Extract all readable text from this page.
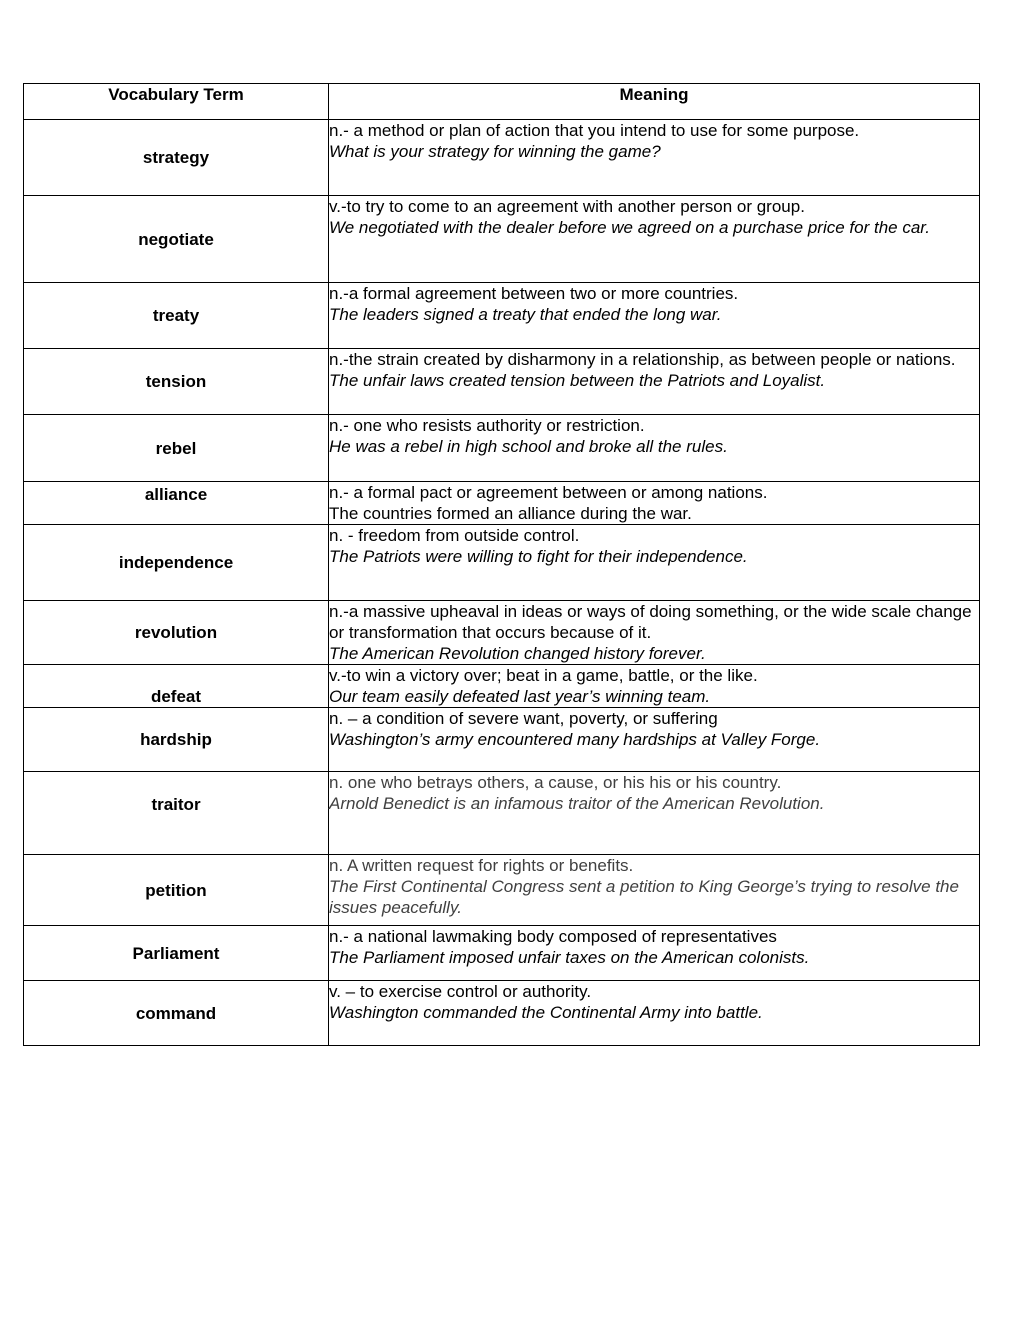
Vocabulary Term	Meaning
strategy	n.- a method or plan of action that you intend to use for some purpose.
What is your strategy for winning the game?

negotiate	v.-to try to come to an agreement with another person or group.
We negotiated with the dealer before we agreed on a purchase price for the car.

treaty	n.-a formal agreement between two or more countries.
The leaders signed a treaty that ended the long war.

tension	n.-the strain created by disharmony in a relationship, as between people or nations.
The unfair laws created tension between the Patriots and Loyalist.

rebel	n.- one who resists authority or restriction.
He was a rebel in high school and broke all the rules.

alliance	n.- a formal pact or agreement between or among nations.
The countries formed an alliance during the war.

independence	n. - freedom from outside control.
The Patriots were willing to fight for their independence.

revolution	n.-a massive upheaval in ideas or ways of doing something, or the wide scale change or transformation that occurs because of it.
The American Revolution changed history forever.

defeat	v.-to win a victory over; beat in a game, battle, or the like.
Our team easily defeated last year’s winning team.

hardship	n. – a condition of severe want, poverty, or suffering
Washington’s army encountered many hardships at Valley Forge.

traitor	n. one who betrays others, a cause, or his his or his country.
Arnold Benedict is an infamous traitor of the American Revolution.

petition	n. A written request for rights or benefits.
The First Continental Congress sent a petition to King George’s trying to resolve the issues peacefully.

Parliament	n.- a national lawmaking body composed of representatives
The Parliament imposed unfair taxes on the American colonists.

command	v. – to exercise control or authority.
Washington commanded the Continental Army into battle.
